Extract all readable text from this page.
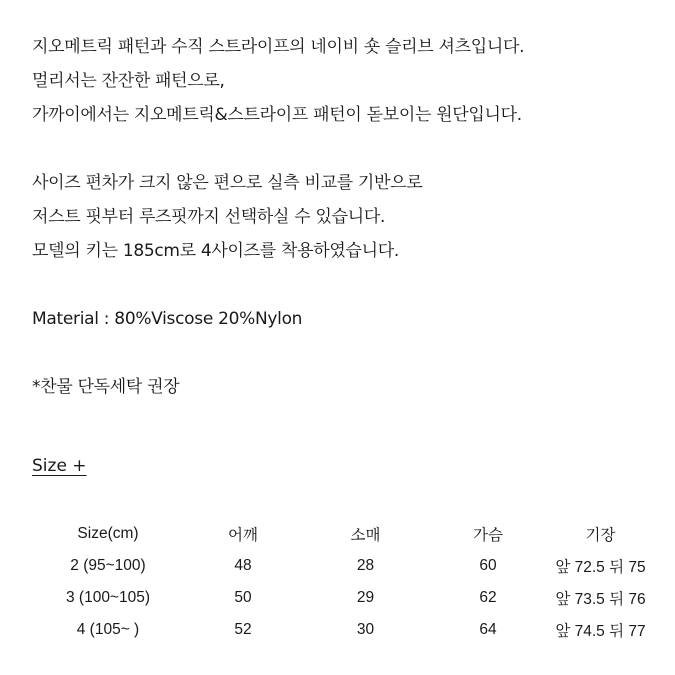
지오메트릭 패턴과 수직 스트라이프의 네이비 숏 슬리브 셔츠입니다.
멀리서는 잔잔한 패턴으로,
가까이에서는 지오메트릭&스트라이프 패턴이 돋보이는 원단입니다.
사이즈 편차가 크지 않은 편으로 실측 비교를 기반으로
저스트 핏부터 루즈핏까지 선택하실 수 있습니다.
모델의 키는 185cm로 4사이즈를 착용하였습니다.
Material : 80%Viscose 20%Nylon
*찬물 단독세탁 권장
Size +
Size(cm)	어깨	소매	가슴	기장
2 (95~100)	48	28	60	앞 72.5 뒤 75
3 (100~105)	50	29	62	앞 73.5 뒤 76
4 (105~ )	52	30	64	앞 74.5 뒤 77
